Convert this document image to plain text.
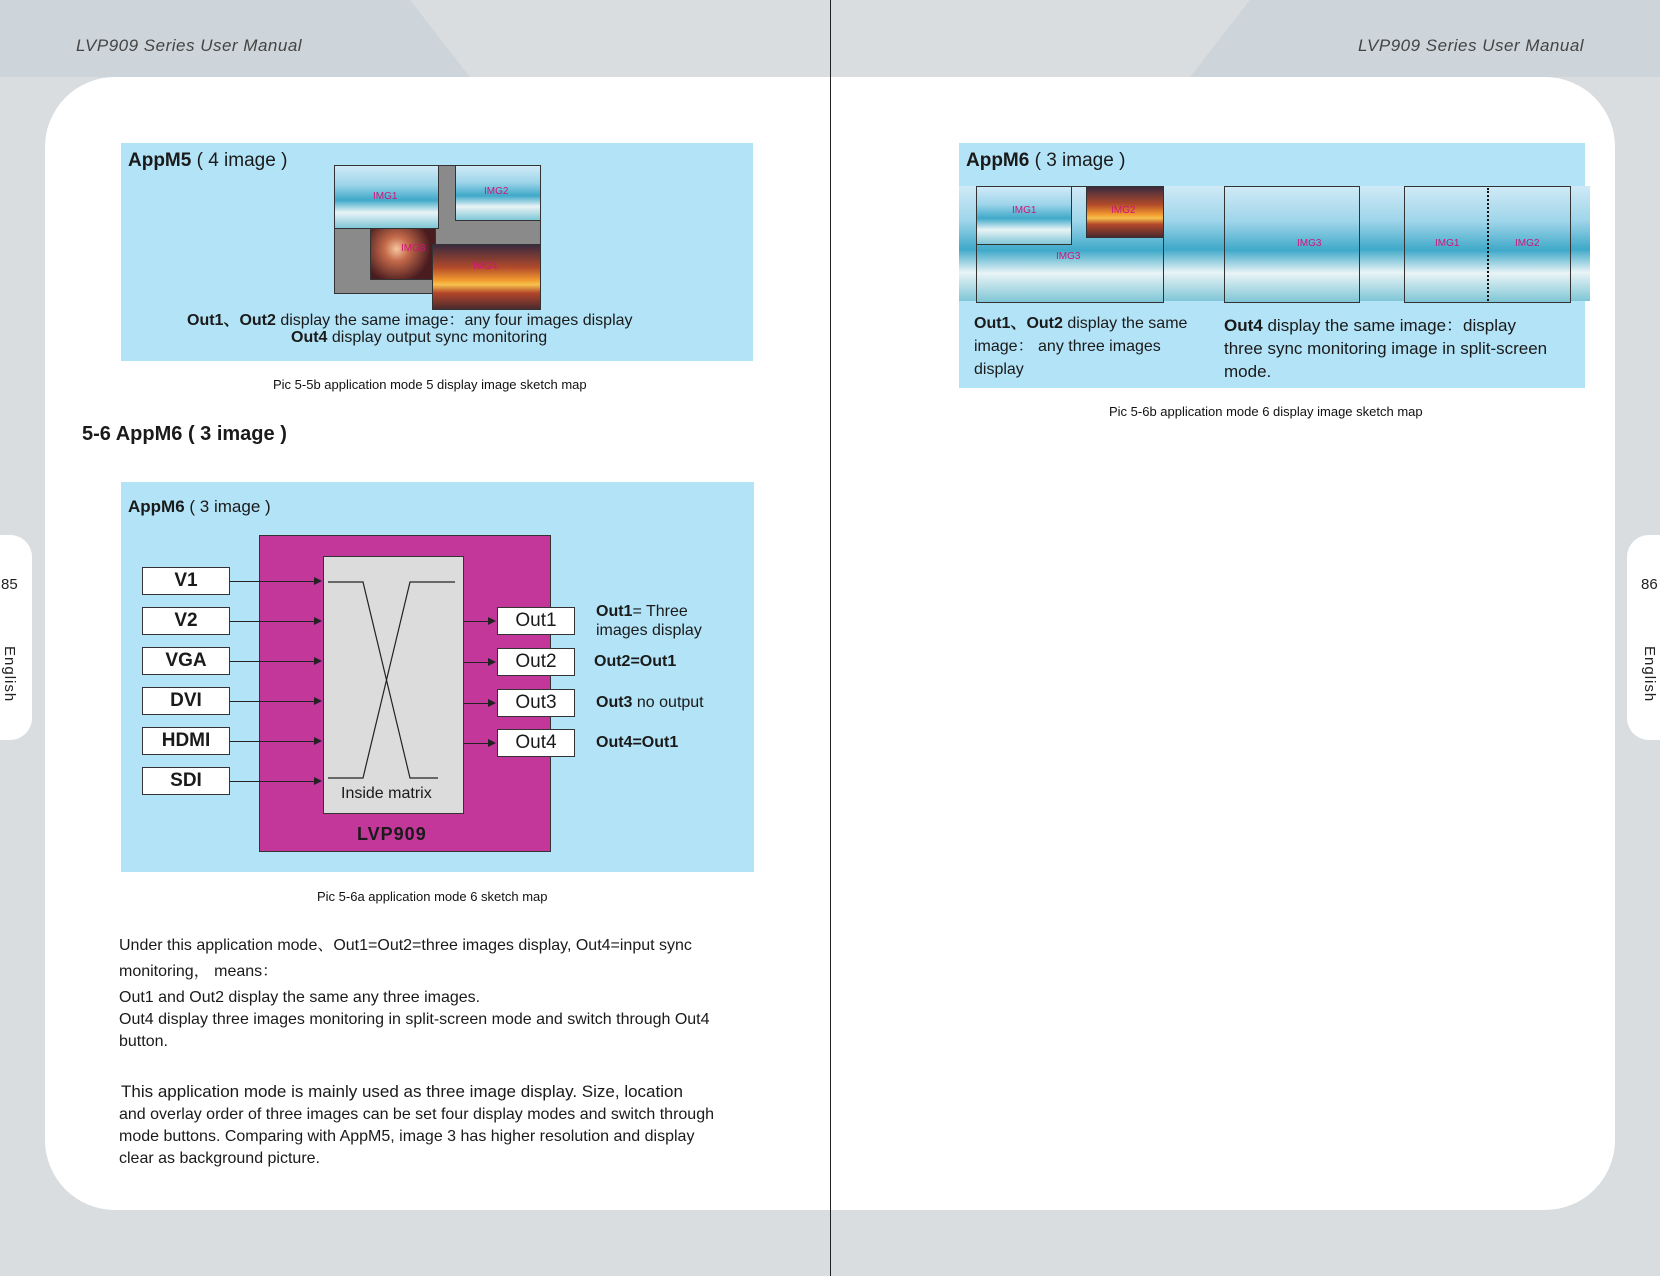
LVP909 Series User Manual	LVP909 Series User Manual
85
English
86
English
AppM5 ( 4 image )
IMG1	IMG2
IMG3
IMG4
Out1、Out2 display the same image：any four images display
Out4 display output sync monitoring
Pic 5-5b application mode 5 display image sketch map
5-6 AppM6 ( 3 image )
AppM6 ( 3 image )
Inside matrix
LVP909
V1
V2
VGA
DVI
HDMI
SDI
Out1
Out2
Out3
Out4
Out1= Three images display
Out2=Out1
Out3 no output
Out4=Out1
Pic 5-6a application mode 6 sketch map
Under this application mode、Out1=Out2=three images display, Out4=input sync
monitoring， means：
Out1 and Out2 display the same any three images.
Out4 display three images monitoring in split-screen mode and switch through Out4
button.
This application mode is mainly used as three image display. Size, location
and overlay order of three images can be set four display modes and switch through
mode buttons. Comparing with AppM5, image 3 has higher resolution and display
clear as background picture.
AppM6 ( 3 image )
IMG1	IMG2
IMG3
IMG3	IMG1	IMG2
Out1、Out2 display the same
image： any three images
display
Out4 display the same image：display
three sync monitoring image in split-screen
mode.
Pic 5-6b application mode 6 display image sketch map
